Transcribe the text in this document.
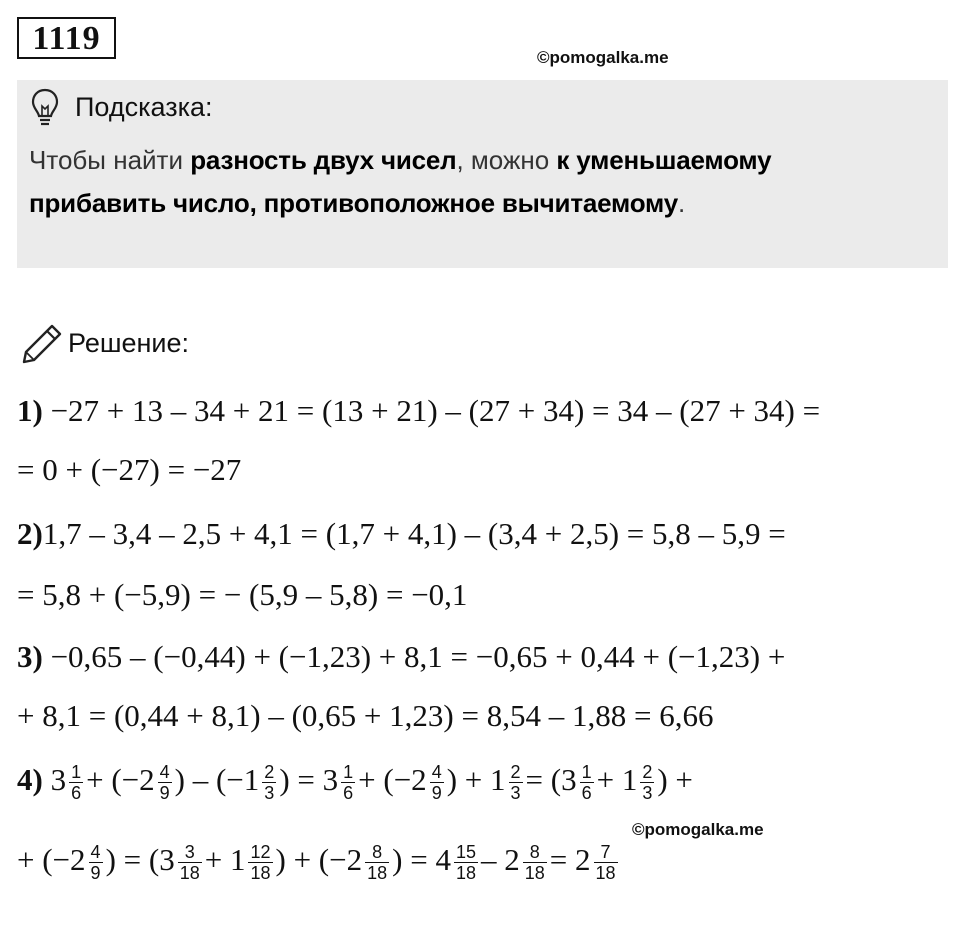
1119
©pomogalka.me
Подсказка:
Чтобы найти разность двух чисел, можно к уменьшаемому
прибавить число, противоположное вычитаемому.
Решение:
1) −27 + 13 – 34 + 21 = (13 + 21) – (27 + 34) = 34 – (27 + 34) =
= 0 + (−27) = −27
2)1,7 – 3,4 – 2,5 + 4,1 = (1,7 + 4,1) – (3,4 + 2,5) = 5,8 – 5,9 =
= 5,8 + (−5,9) = − (5,9 – 5,8) = −0,1
3) −0,65 – (−0,44) + (−1,23) + 8,1 = −0,65 + 0,44 + (−1,23) +
+ 8,1 = (0,44 + 8,1) – (0,65 + 1,23) = 8,54 – 1,88 = 6,66
4) $3 \frac{1}{6} + (-2 \frac{4}{9}$ ) – ($-1 \frac{2}{3}$ ) = $3 \frac{1}{6} + (-2 \frac{4}{9}$ ) + $1 \frac{2}{3} = (3 \frac{1}{6} + 1 \frac{2}{3}$ ) +
©pomogalka.me
+ ($-2 \frac{4}{9}$ ) = ($3 \frac{3}{18} + 1 \frac{12}{18}$ ) + ($-2 \frac{8}{18}$ ) = $4 \frac{15}{18} - 2 \frac{8}{18} = 2 \frac{7}{18}$
